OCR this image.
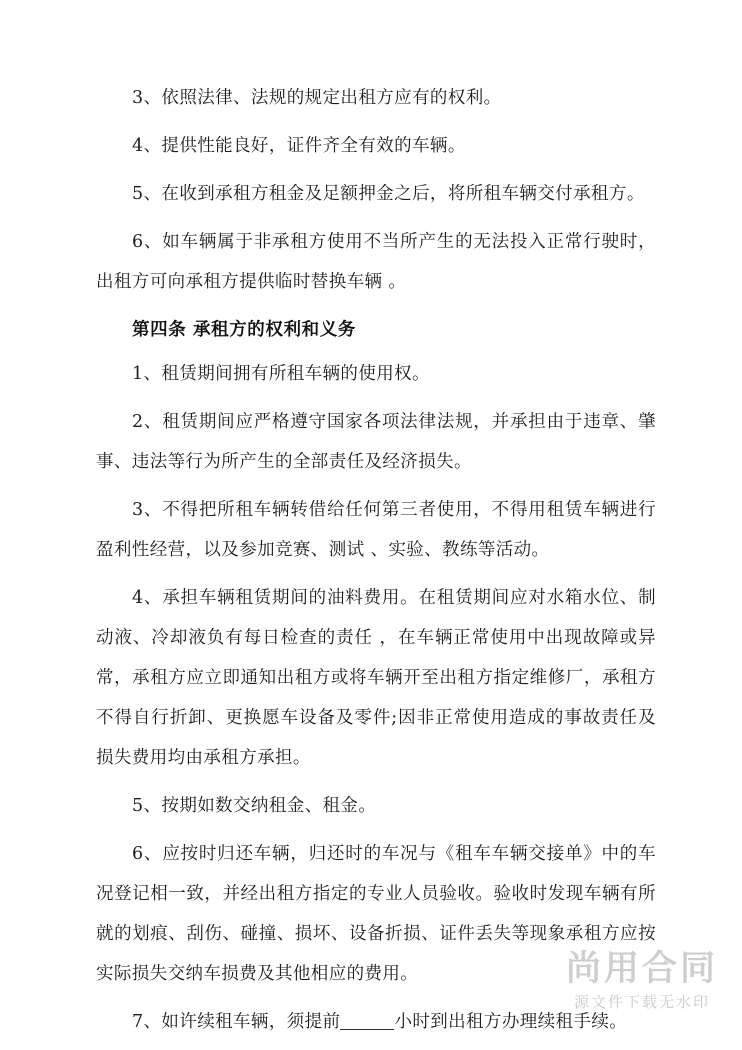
3、依照法律、法规的规定出租方应有的权利。

4、提供性能良好，证件齐全有效的车辆。

5、在收到承租方租金及足额押金之后，将所租车辆交付承租方。

6、如车辆属于非承租方使用不当所产生的无法投入正常行驶时，出租方可向承租方提供临时替换车辆 。

第四条 承租方的权利和义务

1、租赁期间拥有所租车辆的使用权。

2、租赁期间应严格遵守国家各项法律法规，并承担由于违章、肇事、违法等行为所产生的全部责任及经济损失。

3、不得把所租车辆转借给任何第三者使用，不得用租赁车辆进行盈利性经营，以及参加竞赛、测试 、实验、教练等活动。

4、承担车辆租赁期间的油料费用。在租赁期间应对水箱水位、制动液、冷却液负有每日检查的责任 ，在车辆正常使用中出现故障或异常，承租方应立即通知出租方或将车辆开至出租方指定维修厂，承租方不得自行折卸、更换愿车设备及零件;因非正常使用造成的事故责任及损失费用均由承租方承担。

5、按期如数交纳租金、租金。

6、应按时归还车辆，归还时的车况与《租车车辆交接单》中的车况登记相一致，并经出租方指定的专业人员验收。验收时发现车辆有所就的划痕、刮伤、碰撞、损坏、设备折损、证件丢失等现象承租方应按实际损失交纳车损费及其他相应的费用。

7、如许续租车辆，须提前	小时到出租方办理续租手续。

尚用合同
源文件下载无水印
